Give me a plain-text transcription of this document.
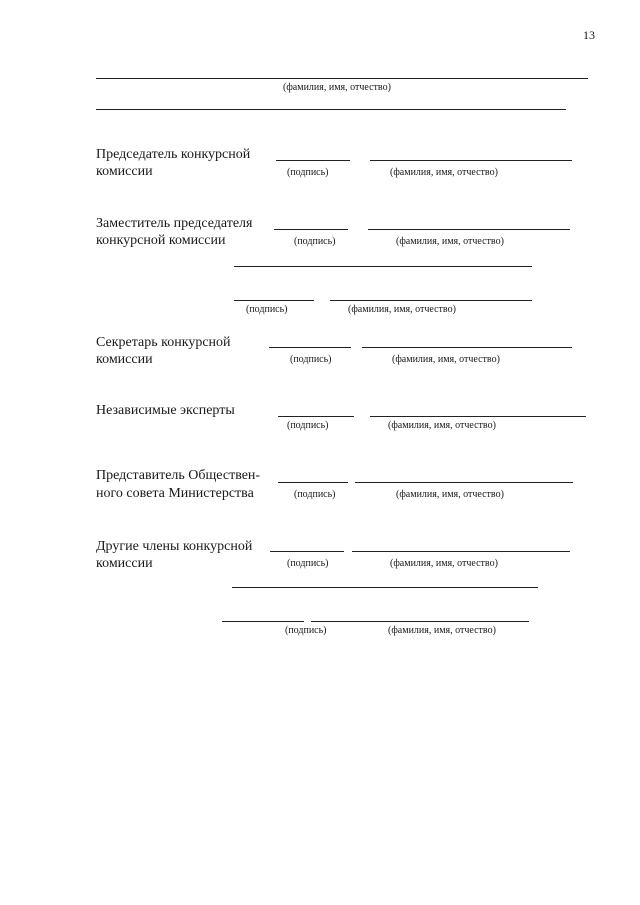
13
(фамилия, имя, отчество)
Председатель конкурсной
комиссии	(подпись)	(фамилия, имя, отчество)
Заместитель председателя
конкурсной комиссии	(подпись)	(фамилия, имя, отчество)
(подпись)	(фамилия, имя, отчество)
Секретарь конкурсной
комиссии	(подпись)	(фамилия, имя, отчество)
Независимые эксперты
(подпись)	(фамилия, имя, отчество)
Представитель Обществен-
ного совета Министерства	(подпись)	(фамилия, имя, отчество)
Другие члены конкурсной
комиссии	(подпись)	(фамилия, имя, отчество)
(подпись)	(фамилия, имя, отчество)
